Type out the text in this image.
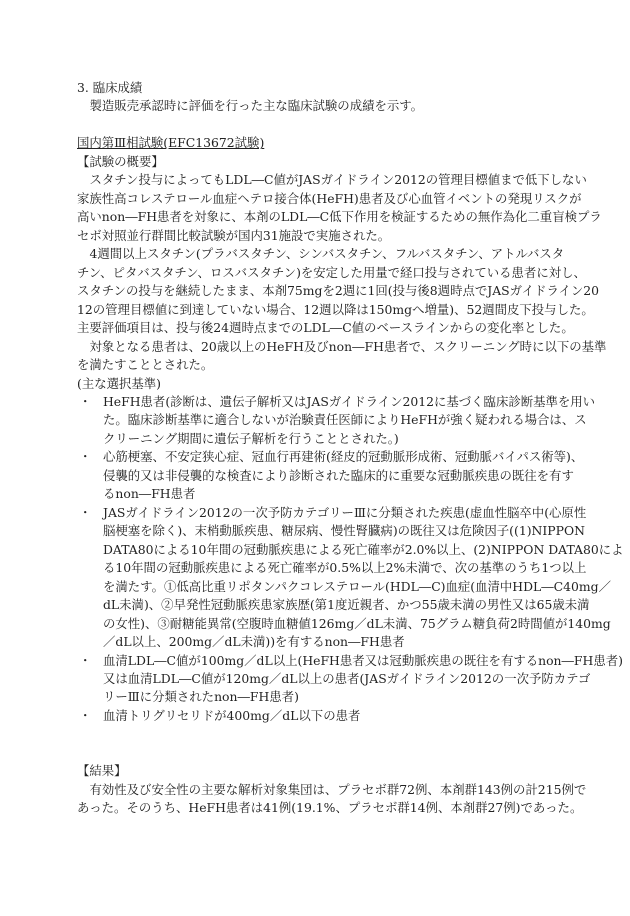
3. 臨床成績
製造販売承認時に評価を行った主な臨床試験の成績を示す。
国内第Ⅲ相試験(EFC13672試験)
【試験の概要】
スタチン投与によってもLDL―C値がJASガイドライン2012の管理目標値まで低下しない
家族性高コレステロール血症ヘテロ接合体(HeFH)患者及び心血管イベントの発現リスクが
高いnon―FH患者を対象に、本剤のLDL―C低下作用を検証するための無作為化二重盲検プラ
セボ対照並行群間比較試験が国内31施設で実施された。
4週間以上スタチン(プラバスタチン、シンバスタチン、フルバスタチン、アトルバスタ
チン、ピタバスタチン、ロスバスタチン)を安定した用量で経口投与されている患者に対し、
スタチンの投与を継続したまま、本剤75mgを2週に1回(投与後8週時点でJASガイドライン20
12の管理目標値に到達していない場合、12週以降は150mgへ増量)、52週間皮下投与した。
主要評価項目は、投与後24週時点までのLDL―C値のベースラインからの変化率とした。
対象となる患者は、20歳以上のHeFH及びnon―FH患者で、スクリーニング時に以下の基準
を満たすこととされた。
(主な選択基準)
・ HeFH患者(診断は、遺伝子解析又はJASガイドライン2012に基づく臨床診断基準を用い
た。臨床診断基準に適合しないが治験責任医師によりHeFHが強く疑われる場合は、ス
クリーニング期間に遺伝子解析を行うこととされた。)
・ 心筋梗塞、不安定狭心症、冠血行再建術(経皮的冠動脈形成術、冠動脈バイパス術等)、
侵襲的又は非侵襲的な検査により診断された臨床的に重要な冠動脈疾患の既往を有す
るnon―FH患者
・ JASガイドライン2012の一次予防カテゴリーⅢに分類された疾患(虚血性脳卒中(心原性
脳梗塞を除く)、末梢動脈疾患、糖尿病、慢性腎臓病)の既往又は危険因子((1)NIPPON
DATA80による10年間の冠動脈疾患による死亡確率が2.0%以上、(2)NIPPON DATA80によ
る10年間の冠動脈疾患による死亡確率が0.5%以上2%未満で、次の基準のうち1つ以上
を満たす。①低高比重リポタンパクコレステロール(HDL―C)血症(血清中HDL―C40mg／
dL未満)、②早発性冠動脈疾患家族歴(第1度近親者、かつ55歳未満の男性又は65歳未満
の女性)、③耐糖能異常(空腹時血糖値126mg／dL未満、75グラム糖負荷2時間値が140mg
／dL以上、200mg／dL未満))を有するnon―FH患者
・ 血清LDL―C値が100mg／dL以上(HeFH患者又は冠動脈疾患の既往を有するnon―FH患者)
又は血清LDL―C値が120mg／dL以上の患者(JASガイドライン2012の一次予防カテゴ
リーⅢに分類されたnon―FH患者)
・ 血清トリグリセリドが400mg／dL以下の患者
【結果】
有効性及び安全性の主要な解析対象集団は、プラセボ群72例、本剤群143例の計215例で
あった。そのうち、HeFH患者は41例(19.1%、プラセボ群14例、本剤群27例)であった。
